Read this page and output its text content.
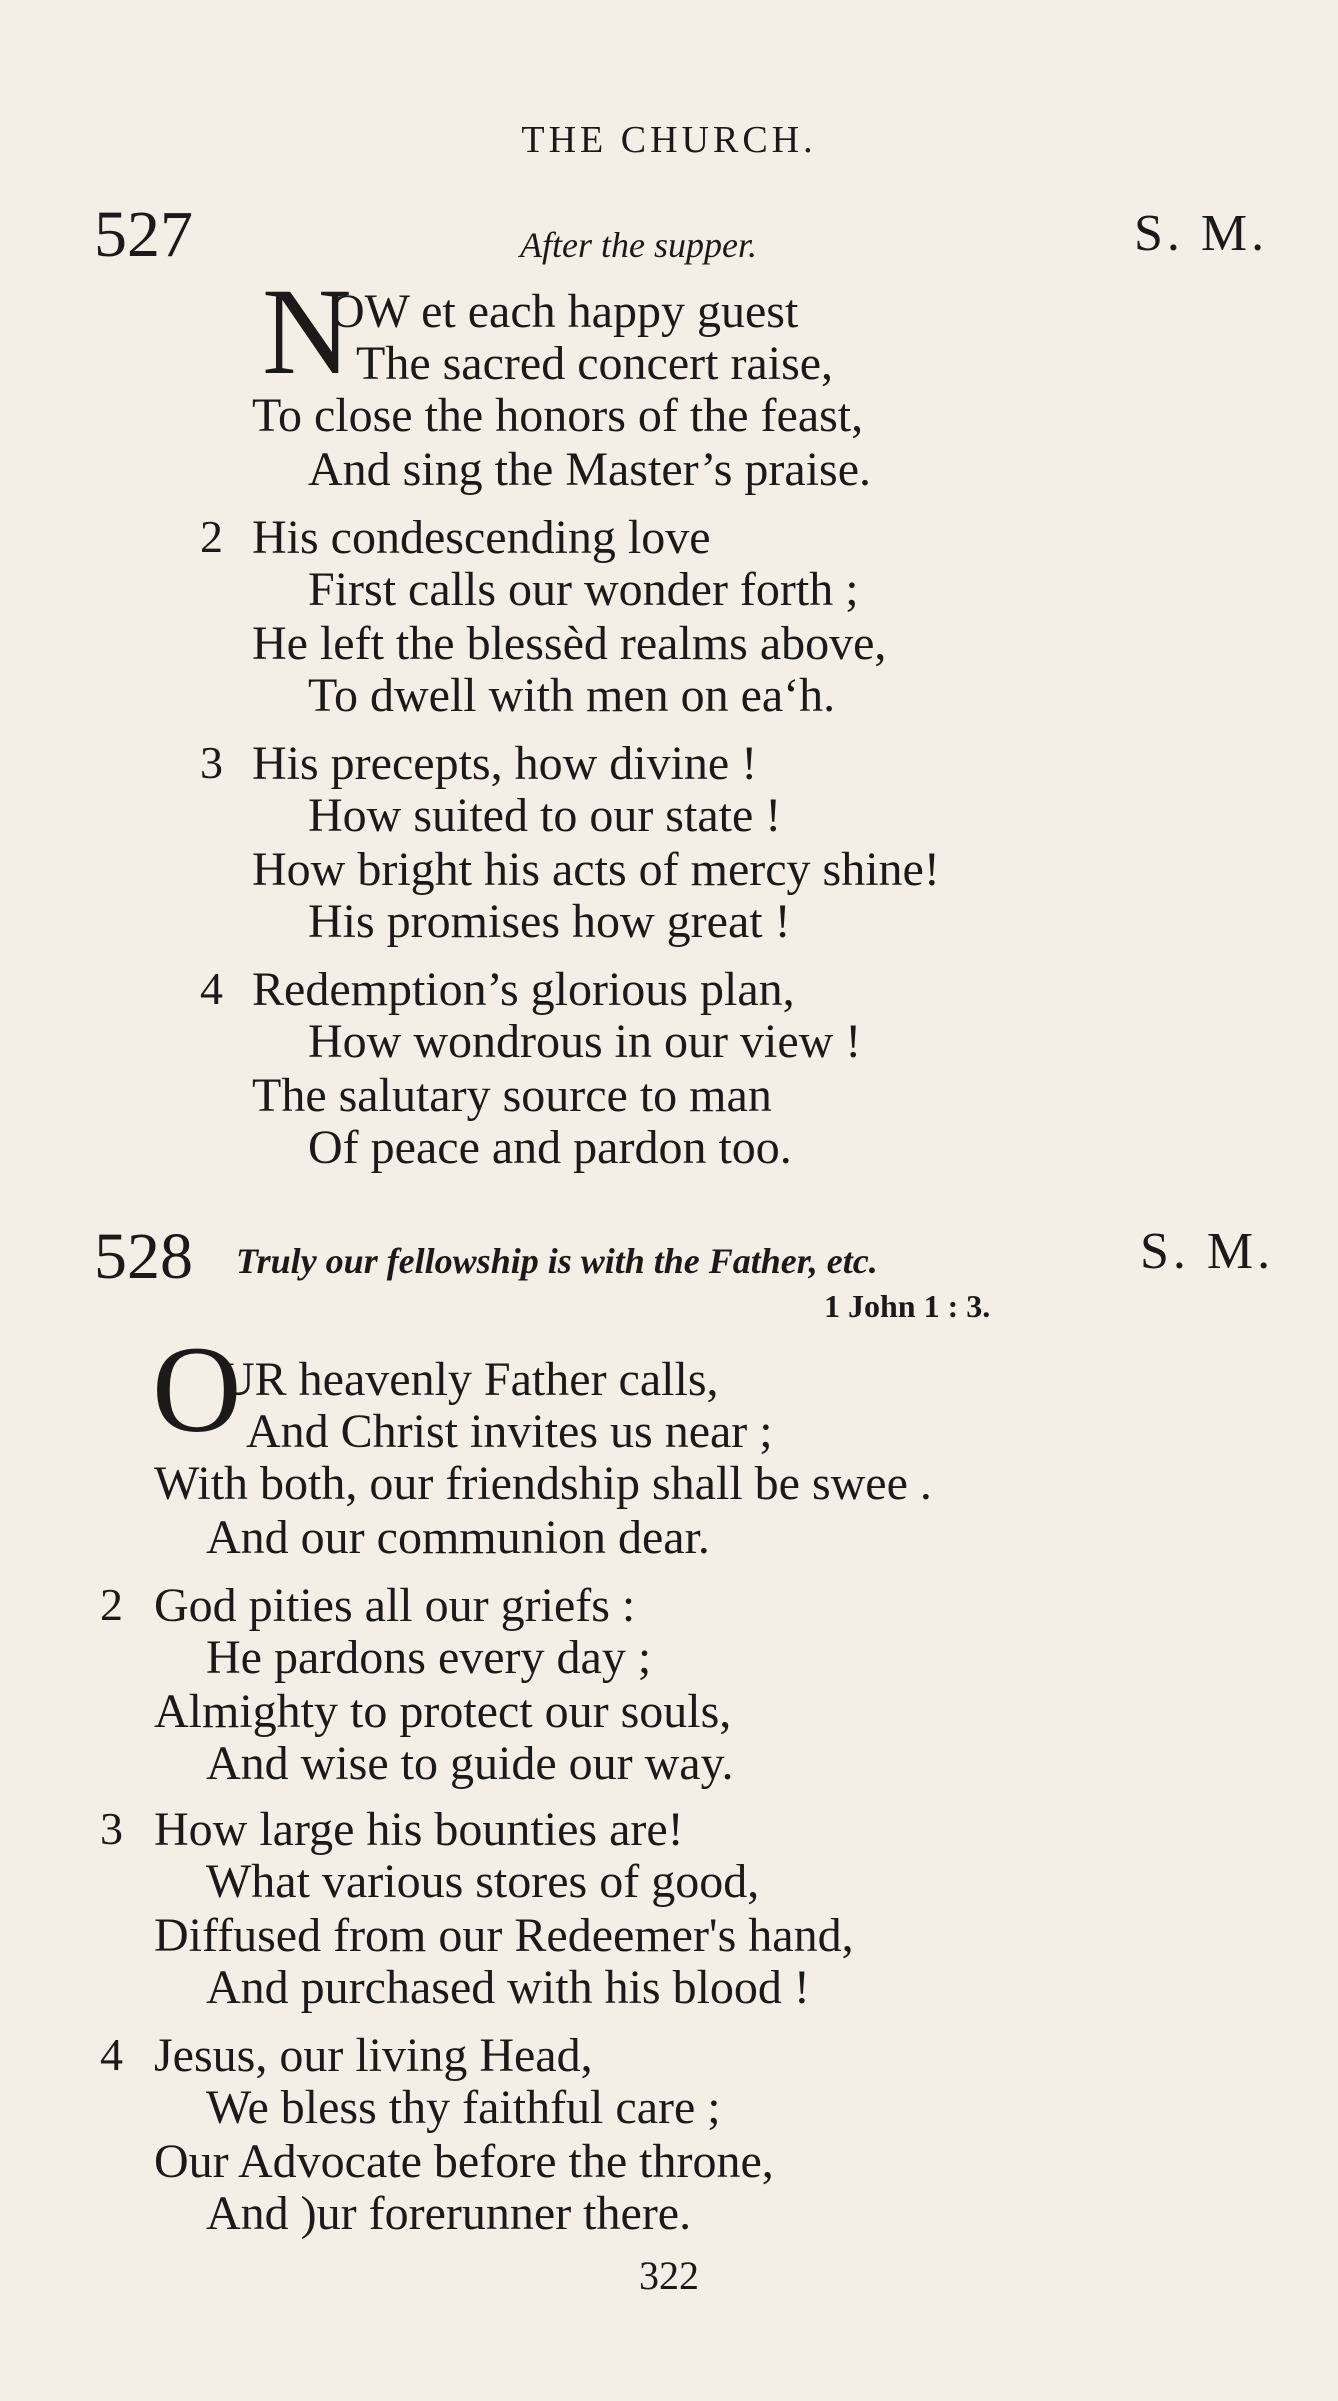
THE CHURCH.
527	After the supper.	S. M.
N
OW et each happy guest
The sacred concert raise,
To close the honors of the feast,
And sing the Master’s praise.
2 His condescending love
First calls our wonder forth ;
He left the blessèd realms above,
To dwell with men on ea‘h.
3 His precepts, how divine !
How suited to our state !
How bright his acts of mercy shine!
His promises how great !
4 Redemption’s glorious plan,
How wondrous in our view !
The salutary source to man
Of peace and pardon too.
528 Truly our fellowship is with the Father, etc.	S. M.
1 John 1 : 3.
O
UR heavenly Father calls,
And Christ invites us near ;
With both, our friendship shall be swee .
And our communion dear.
2 God pities all our griefs :
He pardons every day ;
Almighty to protect our souls,
And wise to guide our way.
3 How large his bounties are!
What various stores of good,
Diffused from our Redeemer's hand,
And purchased with his blood !
4 Jesus, our living Head,
We bless thy faithful care ;
Our Advocate before the throne,
And )ur forerunner there.
322
